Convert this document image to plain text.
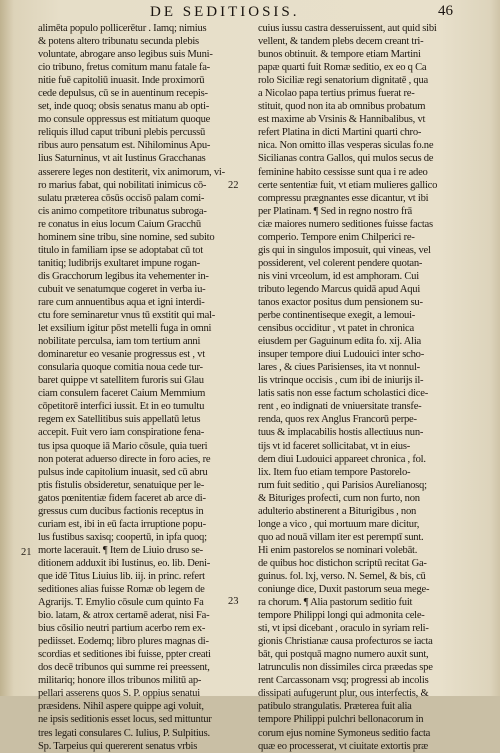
DE SEDITIOSIS.	46
alimēta populo pollicerētur . Iamq; nimius
& potens altero tribunatu secunda plebis
voluntate, abrogare anso legibus suis Muni-
cio tribuno, fretus comitum manu fatale fa-
nitie fuē capitoliū inuasit. Inde proximorū
cede depulsus, cū se in auentinum recepis-
set, inde quoq; obsis senatus manu ab opti-
mo consule oppressus est mitiatum quoque
reliquis illud caput tribuni plebis percussū
ribus auro pensatum est. Nihilominus Apu-
lius Saturninus, vt ait Iustinus Gracchanas
asserere leges non destiterit, vix animorum, vi-
ro marius fabat, qui nobilitati inimicus cō-
sulatu præterea cōsūs occisō palam comi-
cis animo competitore tribunatus subroga-
re conatus in eius locum Caium Gracchū
hominem sine tribu, sine nomine, sed subito
titulo in familiam ipse se adoptabat cū tot
tanitiq; ludibrijs exultaret impune rogan-
dis Gracchorum legibus ita vehementer in-
cubuit ve senatumque cogeret in verba iu-
rare cum annuentibus aqua et igni interdi-
ctu fore seminaretur vnus tū exstitit qui mal-
let exsilium igitur pōst metelli fuga in omni
nobilitate perculsa, iam tom tertium anni
dominaretur eo vesanie progressus est , vt
consularia quoque comitia noua cede tur-
baret quippe vt satellitem furoris sui Glau
ciam consulem faceret Caium Memmium
cōpetitorē interfici iussit. Et in eo tumultu
regem ex Satellitibus suis appellatū letus
accepit. Fuit vero iam conspiratione fena-
tus ipsa quoque iā Mario cōsule, quia tueri
non poterat aduerso directe in foro acies, re
pulsus inde capitolium inuasit, sed cū abru
ptis fistulis obsideretur, senatuique per le-
gatos pœnitentiæ fidem faceret ab arce di-
gressus cum ducibus factionis receptus in
curiam est, ibi in eū facta irruptione popu-
lus fustibus saxisq; coopertū, in ipfa quoq;
morte lacerauit. ¶ Item de Liuio druso se-
ditionem adduxit ibi Iustinus, eo. lib. Deni-
que idē Titus Liuius lib. iij. in princ. refert
seditiones alias fuisse Romæ ob legem de
Agrarijs. T. Emylio cōsule cum quinto Fa
bio. latam, & atrox certamē aderat, nisi Fa-
bius cōsilio neutri partium acerbo rem ex-
pediisset. Eodemq; libro plures magnas di-
scordias et seditiones ibi fuisse, ppter creati
dos decē tribunos qui summe rei preessent,
militariq; honore illos tribunos militū ap-
pellari asserens quos S. P. oppius senatui
præsidens. Nihil aspere quippe agi voluit,
ne ipsis seditionis esset locus, sed mittuntur
tres legati consulares C. Iulius, P. Sulpitius.
Sp. Tarpeius qui quererent senatus vrbis
cuius iussu castra desseruissent, aut quid sibi
vellent, & tandem plebs decem creant tri-
bunos obtinuit. & tempore etiam Martini
papæ quarti fuit Romæ seditio, ex eo q Ca
rolo Siciliæ regi senatorium dignitatē , qua
a Nicolao papa tertius primus fuerat re-
stituit, quod non ita ab omnibus probatum
est maxime ab Vrsinis & Hannibalibus, vt
refert Platina in dicti Martini quarti chro-
nica. Non omitto illas vesperas siculas fo.ne
Sicilianas contra Gallos, qui mulos secus de
feminine habito cessisse sunt qua i re adeo
certe sententiæ fuit, vt etiam mulieres gallico
compressu prægnantes esse dicantur, vt ibi
per Platinam. ¶ Sed in regno nostro frā
ciæ maiores numero seditiones fuisse factas
comperio. Tempore enim Chilperici re-
gis qui in singulos imposuit, qui vineas, vel
possiderent, vel colerent pendere quotan-
nis vini vrceolum, id est amphoram. Cui
tributo legendo Marcus quidā apud Aqui
tanos exactor positus dum pensionem su-
perbe continentiseque exegit, a lemoui-
censibus occiditur , vt patet in chronica
eiusdem per Gaguinum edita fo. xij. Alia
insuper tempore diui Ludouici inter scho-
lares , & ciues Parisienses, ita vt nonnul-
lis vtrinque occisis , cum ibi de iniurijs il-
latis satis non esse factum scholastici dice-
rent , eo indignati de vniuersitate transfe-
renda, quos rex Anglus Francorū perpe-
tuus & implacabilis hostis allectiuus nun-
tijs vt id faceret sollicitabat, vt in eius-
dem diui Ludouici appareet chronica , fol.
lix. Item fuo etiam tempore Pastorelo-
rum fuit seditio , qui Parisios Aurelianosq;
& Bituriges profecti, cum non furto, non
adulterio abstinerent a Biturigibus , non
longe a vico , qui mortuum mare dicitur,
quo ad nouā villam iter est peremptī sunt.
Hi enim pastorelos se nominari volebāt.
de quibus hoc distichon scriptū recitat Ga-
guinus. fol. lxj, verso. N. Semel, & bis, cū
coniunge dice, Duxit pastorum seua mege-
ra chorum. ¶ Alia pastorum seditio fuit
tempore Philippi longi qui admonita cele-
sti, vt ipsi dicebant , oraculo in syriam reli-
gionis Christianæ causa profecturos se iacta
bāt, qui postquā magno numero auxit sunt,
latrunculis non dissimiles circa præedas spe
rent Carcassonam vsq; progressi ab incolis
dissipati aufugerunt plur, ous interfectis, &
patibulo strangulatis. Præterea fuit alia
tempore Philippi pulchri bellonacorum in
corum ejus nomine Symoneus seditio facta
quæ eo processerat, vt ciuitate extortis præ
21
22
23
